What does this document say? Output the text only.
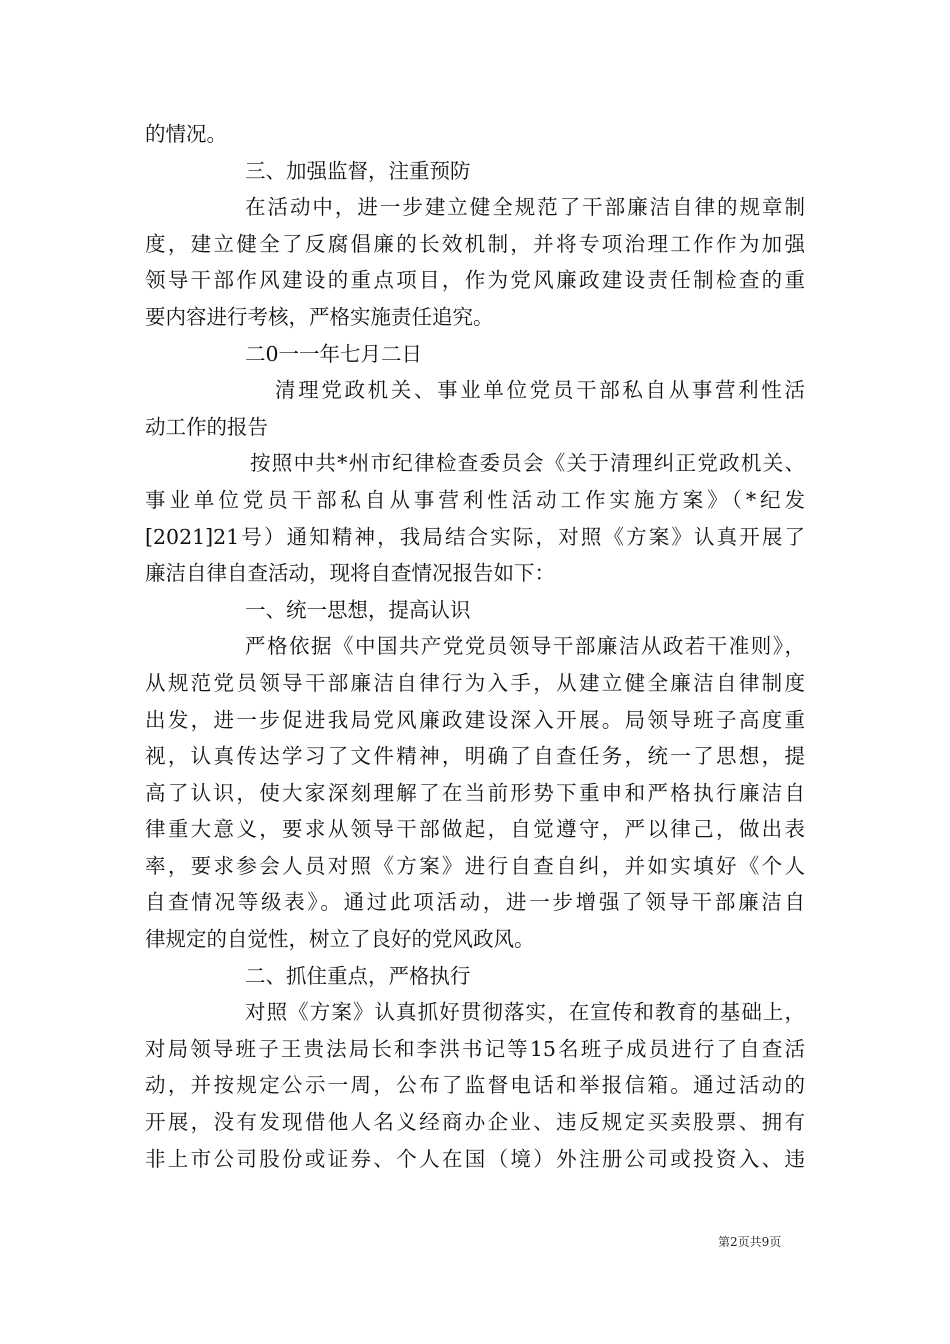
的情况。
三、加强监督，注重预防
在活动中，进一步建立健全规范了干部廉洁自律的规章制
度，建立健全了反腐倡廉的长效机制，并将专项治理工作作为加强
领导干部作风建设的重点项目，作为党风廉政建设责任制检查的重
要内容进行考核，严格实施责任追究。
二0一一年七月二日
清理党政机关、事业单位党员干部私自从事营利性活
动工作的报告
按照中共*州市纪律检查委员会《关于清理纠正党政机关、
事业单位党员干部私自从事营利性活动工作实施方案》（*纪发
[2021]21号）通知精神，我局结合实际，对照《方案》认真开展了
廉洁自律自查活动，现将自查情况报告如下：
一、统一思想，提高认识
严格依据《中国共产党党员领导干部廉洁从政若干准则》，
从规范党员领导干部廉洁自律行为入手，从建立健全廉洁自律制度
出发，进一步促进我局党风廉政建设深入开展。局领导班子高度重
视，认真传达学习了文件精神，明确了自查任务，统一了思想，提
高了认识，使大家深刻理解了在当前形势下重申和严格执行廉洁自
律重大意义，要求从领导干部做起，自觉遵守，严以律己，做出表
率，要求参会人员对照《方案》进行自查自纠，并如实填好《个人
自查情况等级表》。通过此项活动，进一步增强了领导干部廉洁自
律规定的自觉性，树立了良好的党风政风。
二、抓住重点，严格执行
对照《方案》认真抓好贯彻落实，在宣传和教育的基础上，
对局领导班子王贵法局长和李洪书记等15名班子成员进行了自查活
动，并按规定公示一周，公布了监督电话和举报信箱。通过活动的
开展，没有发现借他人名义经商办企业、违反规定买卖股票、拥有
非上市公司股份或证券、个人在国（境）外注册公司或投资入、违
第2页共9页
